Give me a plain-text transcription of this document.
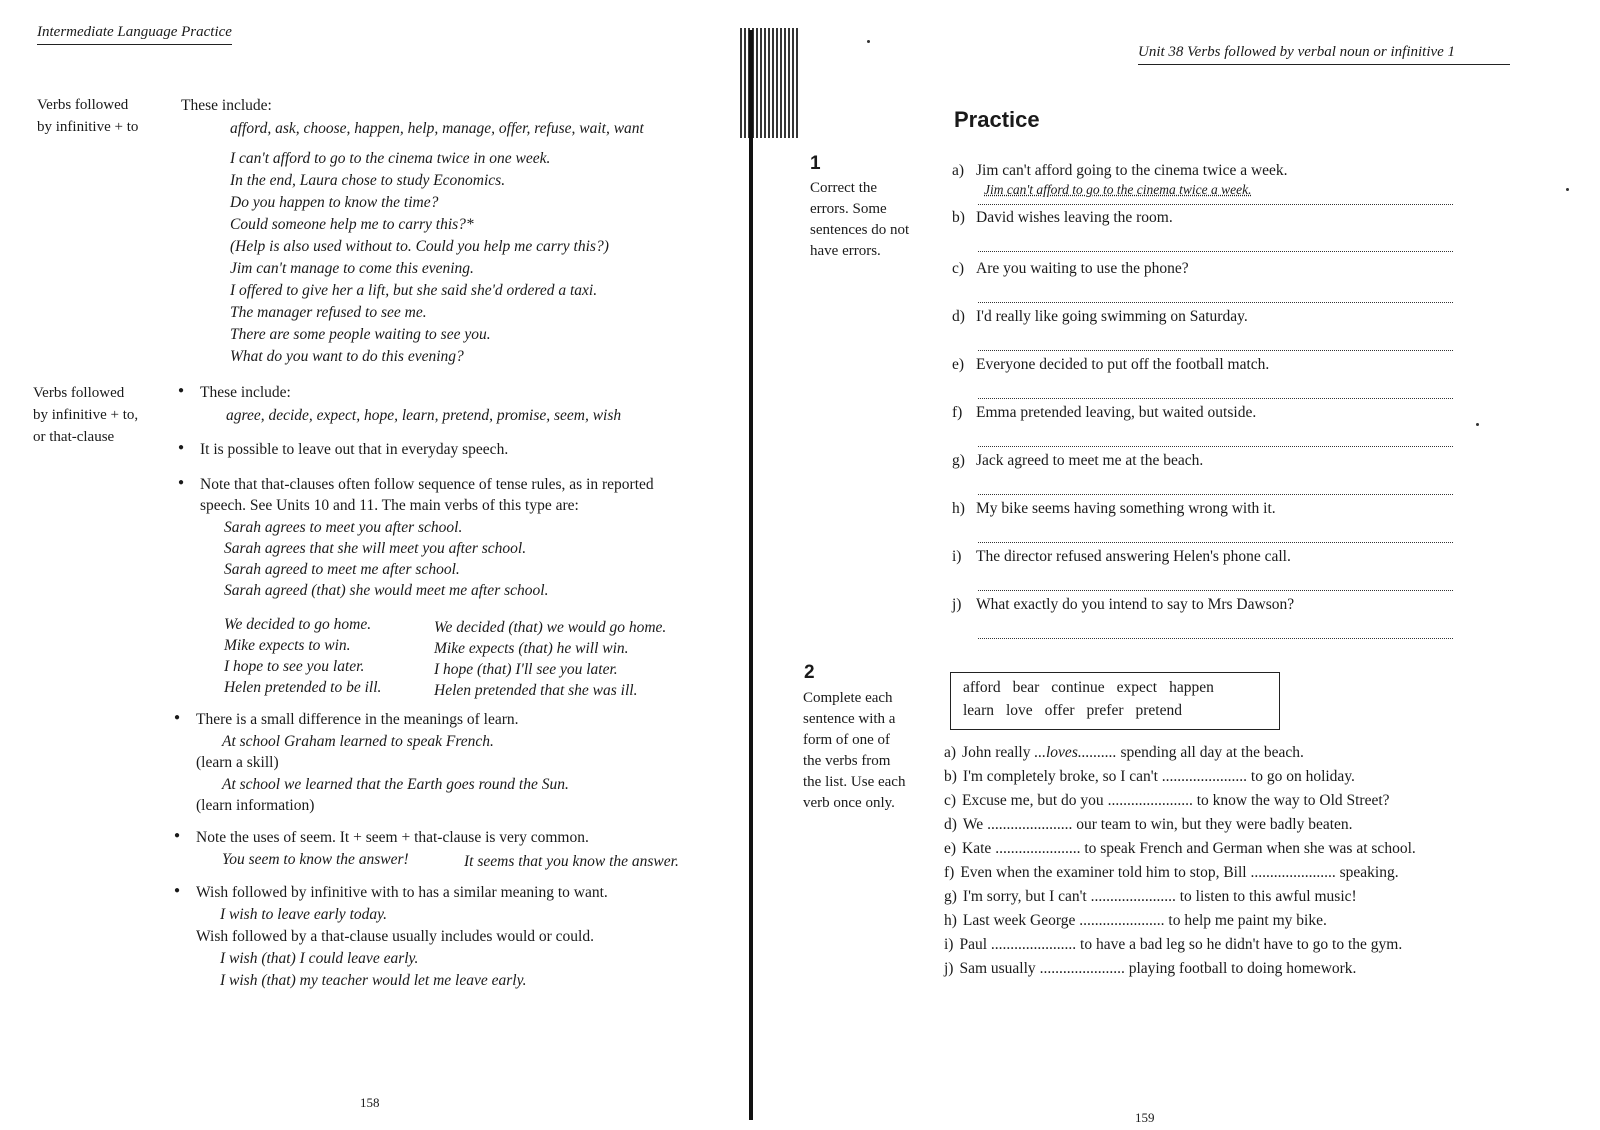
Intermediate Language Practice
Verbs followed
by infinitive + to
These include:
afford, ask, choose, happen, help, manage, offer, refuse, wait, want
I can't afford to go to the cinema twice in one week.
In the end, Laura chose to study Economics.
Do you happen to know the time?
Could someone help me to carry this?*
(Help is also used without to. Could you help me carry this?)
Jim can't manage to come this evening.
I offered to give her a lift, but she said she'd ordered a taxi.
The manager refused to see me.
There are some people waiting to see you.
What do you want to do this evening?
Verbs followed
by infinitive + to,
or that-clause
● These include:
agree, decide, expect, hope, learn, pretend, promise, seem, wish
● It is possible to leave out that in everyday speech.
● Note that that-clauses often follow sequence of tense rules, as in reported
speech. See Units 10 and 11. The main verbs of this type are:
Sarah agrees to meet you after school.
Sarah agrees that she will meet you after school.
Sarah agreed to meet me after school.
Sarah agreed (that) she would meet me after school.
We decided to go home.
Mike expects to win.
I hope to see you later.
Helen pretended to be ill.
We decided (that) we would go home.
Mike expects (that) he will win.
I hope (that) I'll see you later.
Helen pretended that she was ill.
● There is a small difference in the meanings of learn.
At school Graham learned to speak French.
(learn a skill)
At school we learned that the Earth goes round the Sun.
(learn information)
● Note the uses of seem. It + seem + that-clause is very common.
You seem to know the answer!	It seems that you know the answer.
● Wish followed by infinitive with to has a similar meaning to want.
I wish to leave early today.
Wish followed by a that-clause usually includes would or could.
I wish (that) I could leave early.
I wish (that) my teacher would let me leave early.
158
Unit 38 Verbs followed by verbal noun or infinitive 1
Practice
1
Correct the
errors. Some
sentences do not
have errors.
a) Jim can't afford going to the cinema twice a week.
Jim can't afford to go to the cinema twice a week.
b) David wishes leaving the room.
c) Are you waiting to use the phone?
d) I'd really like going swimming on Saturday.
e) Everyone decided to put off the football match.
f) Emma pretended leaving, but waited outside.
g) Jack agreed to meet me at the beach.
h) My bike seems having something wrong with it.
i) The director refused answering Helen's phone call.
j) What exactly do you intend to say to Mrs Dawson?
2
Complete each
sentence with a
form of one of
the verbs from
the list. Use each
verb once only.
afford bear continue expect happen
learn love offer prefer pretend
a) John really ...loves.......... spending all day at the beach.
b) I'm completely broke, so I can't ...................... to go on holiday.
c) Excuse me, but do you ...................... to know the way to Old Street?
d) We ...................... our team to win, but they were badly beaten.
e) Kate ...................... to speak French and German when she was at school.
f) Even when the examiner told him to stop, Bill ...................... speaking.
g) I'm sorry, but I can't ...................... to listen to this awful music!
h) Last week George ...................... to help me paint my bike.
i) Paul ...................... to have a bad leg so he didn't have to go to the gym.
j) Sam usually ...................... playing football to doing homework.
159
